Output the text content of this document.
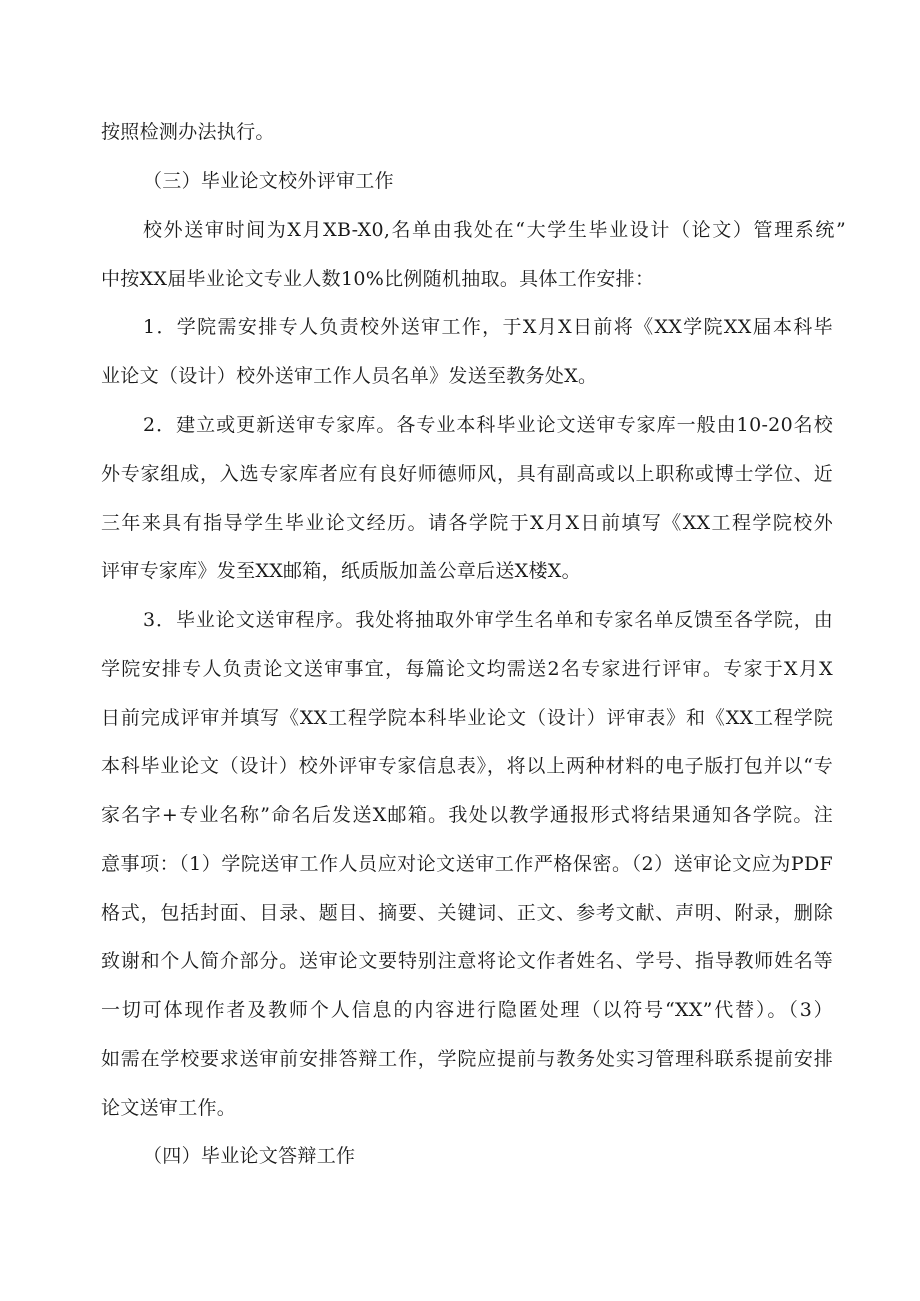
按照检测办法执行。
（三）毕业论文校外评审工作
校外送审时间为X月XB-X0,名单由我处在“大学生毕业设计（论文）管理系统”
中按XX届毕业论文专业人数10%比例随机抽取。具体工作安排：
1．学院需安排专人负责校外送审工作，于X月X日前将《XX学院XX届本科毕
业论文（设计）校外送审工作人员名单》发送至教务处X。
2．建立或更新送审专家库。各专业本科毕业论文送审专家库一般由10-20名校
外专家组成，入选专家库者应有良好师德师风，具有副高或以上职称或博士学位、近
三年来具有指导学生毕业论文经历。请各学院于X月X日前填写《XX工程学院校外
评审专家库》发至XX邮箱，纸质版加盖公章后送X楼X。
3．毕业论文送审程序。我处将抽取外审学生名单和专家名单反馈至各学院，由
学院安排专人负责论文送审事宜，每篇论文均需送2名专家进行评审。专家于X月X
日前完成评审并填写《XX工程学院本科毕业论文（设计）评审表》和《XX工程学院
本科毕业论文（设计）校外评审专家信息表》，将以上两种材料的电子版打包并以“专
家名字+专业名称”命名后发送X邮箱。我处以教学通报形式将结果通知各学院。注
意事项：（1）学院送审工作人员应对论文送审工作严格保密。（2）送审论文应为PDF
格式，包括封面、目录、题目、摘要、关键词、正文、参考文献、声明、附录，删除
致谢和个人简介部分。送审论文要特别注意将论文作者姓名、学号、指导教师姓名等
一切可体现作者及教师个人信息的内容进行隐匿处理（以符号“XX”代替）。（3）
如需在学校要求送审前安排答辩工作，学院应提前与教务处实习管理科联系提前安排
论文送审工作。
（四）毕业论文答辩工作
